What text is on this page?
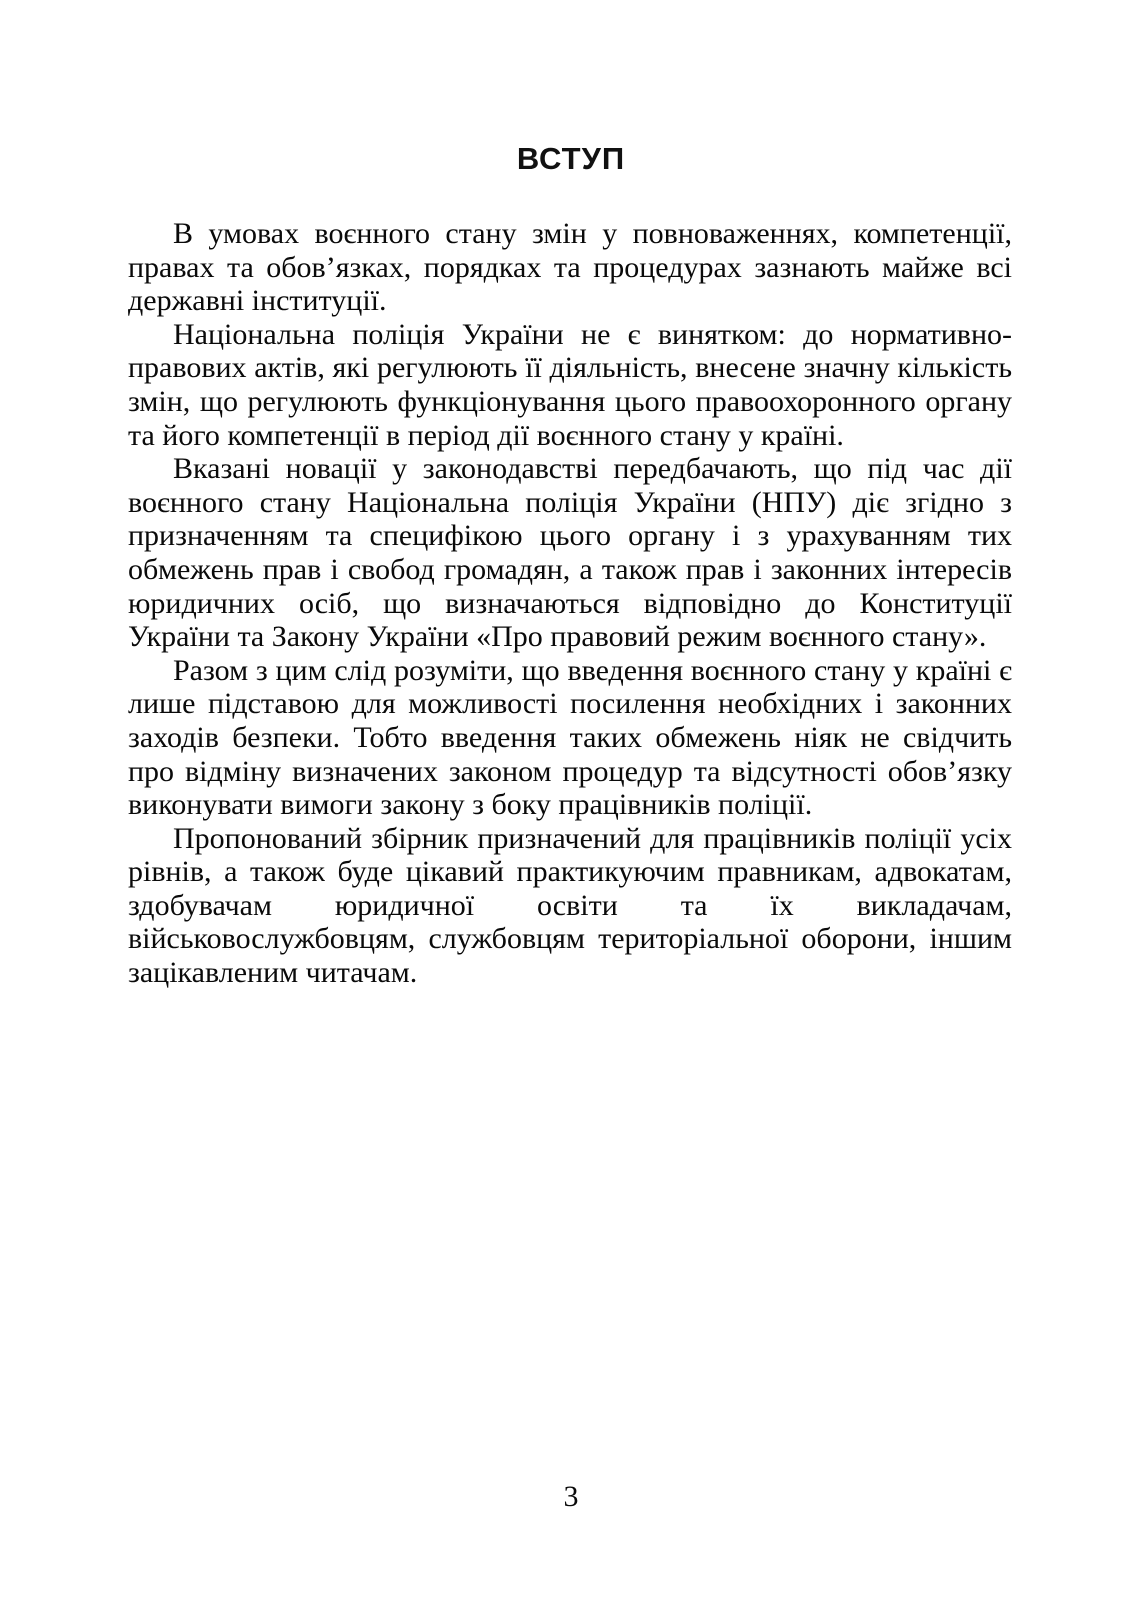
ВСТУП

В умовах воєнного стану змін у повноваженнях, компетенції, правах та обов’язках, порядках та процедурах зазнають майже всі державні інституції.

Національна поліція України не є винятком: до нормативно-правових актів, які регулюють її діяльність, внесене значну кількість змін, що регулюють функціонування цього правоохоронного органу та його компетенції в період дії воєнного стану у країні.

Вказані новації у законодавстві передбачають, що під час дії воєнного стану Національна поліція України (НПУ) діє згідно з призначенням та специфікою цього органу і з урахуванням тих обмежень прав і свобод громадян, а також прав і законних інтересів юридичних осіб, що визначаються відповідно до Конституції України та Закону України «Про правовий режим воєнного стану».

Разом з цим слід розуміти, що введення воєнного стану у країні є лише підставою для можливості посилення необхідних і законних заходів безпеки. Тобто введення таких обмежень ніяк не свідчить про відміну визначених законом процедур та відсутності обов’язку виконувати вимоги закону з боку працівників поліції.

Пропонований збірник призначений для працівників поліції усіх рівнів, а також буде цікавий практикуючим правникам, адвокатам, здобувачам юридичної освіти та їх викладачам, військовослужбовцям, службовцям територіальної оборони, іншим зацікавленим читачам.

3
